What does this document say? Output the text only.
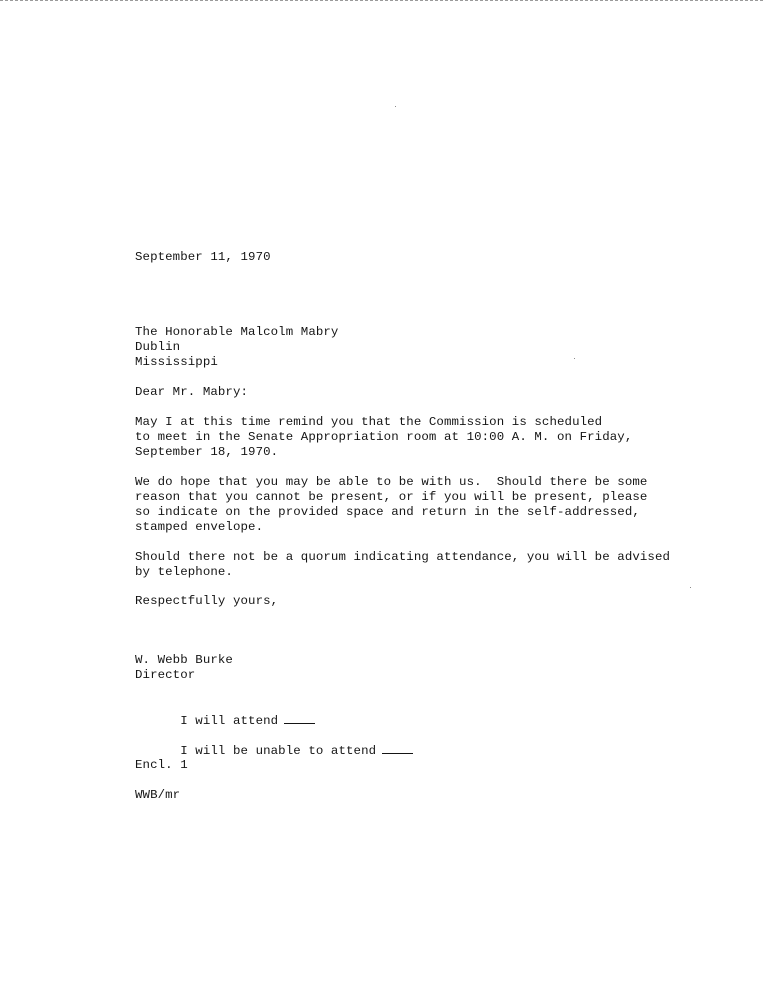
September 11, 1970
The Honorable Malcolm Mabry
Dublin
Mississippi
Dear Mr. Mabry:
May I at this time remind you that the Commission is scheduled
to meet in the Senate Appropriation room at 10:00 A. M. on Friday,
September 18, 1970.
We do hope that you may be able to be with us.  Should there be some
reason that you cannot be present, or if you will be present, please
so indicate on the provided space and return in the self-addressed,
stamped envelope.
Should there not be a quorum indicating attendance, you will be advised
by telephone.
Respectfully yours,
W. Webb Burke
Director

I will attend

I will be unable to attend

Encl. 1
WWB/mr
